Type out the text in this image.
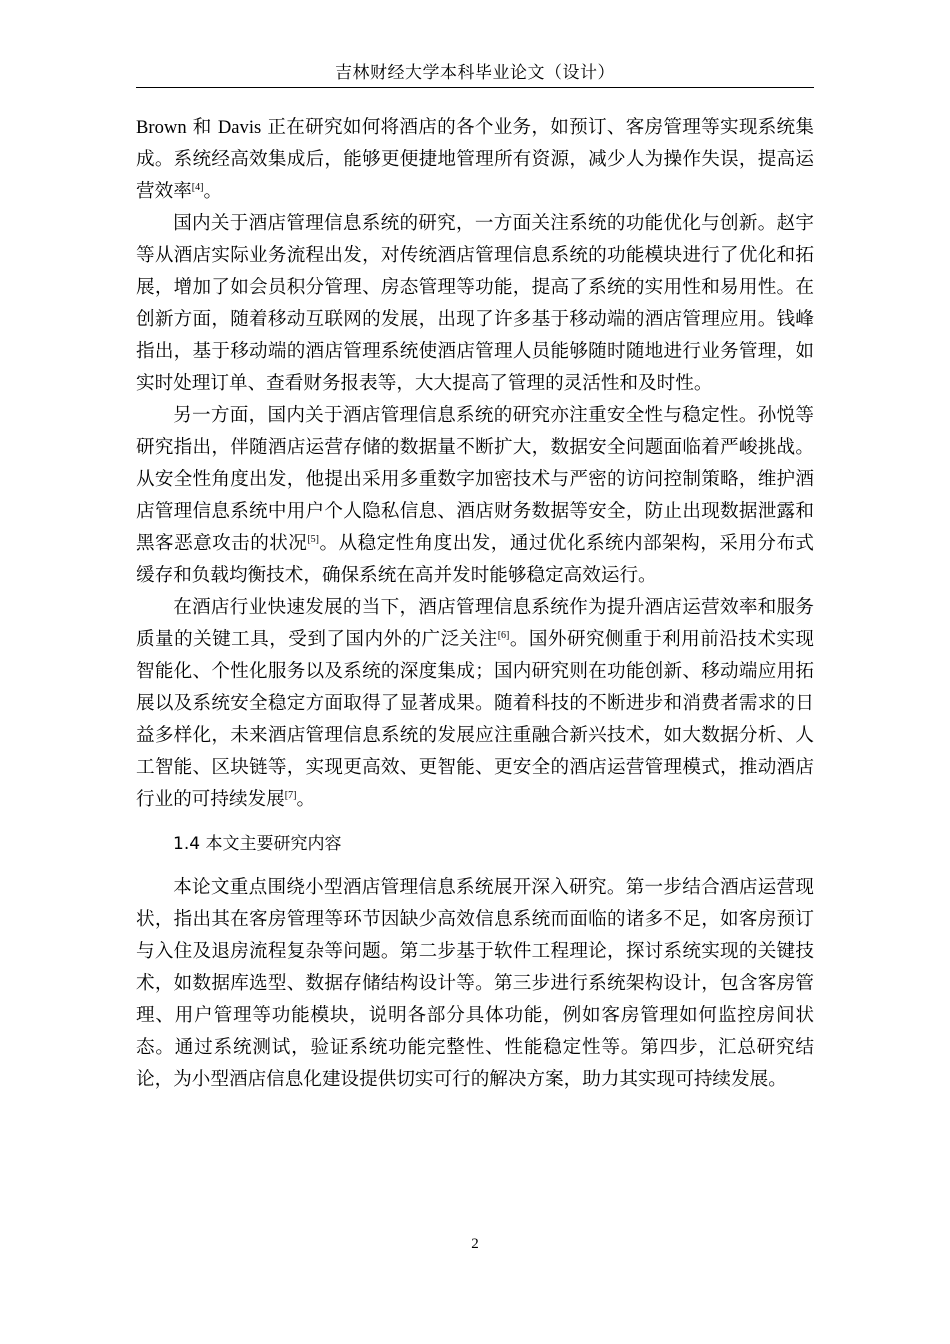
吉林财经大学本科毕业论文（设计）

Brown 和 Davis 正在研究如何将酒店的各个业务，如预订、客房管理等实现系统集成。系统经高效集成后，能够更便捷地管理所有资源，减少人为操作失误，提高运营效率[4]。

国内关于酒店管理信息系统的研究，一方面关注系统的功能优化与创新。赵宇等从酒店实际业务流程出发，对传统酒店管理信息系统的功能模块进行了优化和拓展，增加了如会员积分管理、房态管理等功能，提高了系统的实用性和易用性。在创新方面，随着移动互联网的发展，出现了许多基于移动端的酒店管理应用。钱峰指出，基于移动端的酒店管理系统使酒店管理人员能够随时随地进行业务管理，如实时处理订单、查看财务报表等，大大提高了管理的灵活性和及时性。

另一方面，国内关于酒店管理信息系统的研究亦注重安全性与稳定性。孙悦等研究指出，伴随酒店运营存储的数据量不断扩大，数据安全问题面临着严峻挑战。从安全性角度出发，他提出采用多重数字加密技术与严密的访问控制策略，维护酒店管理信息系统中用户个人隐私信息、酒店财务数据等安全，防止出现数据泄露和黑客恶意攻击的状况[5]。从稳定性角度出发，通过优化系统内部架构，采用分布式缓存和负载均衡技术，确保系统在高并发时能够稳定高效运行。

在酒店行业快速发展的当下，酒店管理信息系统作为提升酒店运营效率和服务质量的关键工具，受到了国内外的广泛关注[6]。国外研究侧重于利用前沿技术实现智能化、个性化服务以及系统的深度集成；国内研究则在功能创新、移动端应用拓展以及系统安全稳定方面取得了显著成果。随着科技的不断进步和消费者需求的日益多样化，未来酒店管理信息系统的发展应注重融合新兴技术，如大数据分析、人工智能、区块链等，实现更高效、更智能、更安全的酒店运营管理模式，推动酒店行业的可持续发展[7]。

1.4 本文主要研究内容

本论文重点围绕小型酒店管理信息系统展开深入研究。第一步结合酒店运营现状，指出其在客房管理等环节因缺少高效信息系统而面临的诸多不足，如客房预订与入住及退房流程复杂等问题。第二步基于软件工程理论，探讨系统实现的关键技术，如数据库选型、数据存储结构设计等。第三步进行系统架构设计，包含客房管理、用户管理等功能模块，说明各部分具体功能，例如客房管理如何监控房间状态。通过系统测试，验证系统功能完整性、性能稳定性等。第四步，汇总研究结论，为小型酒店信息化建设提供切实可行的解决方案，助力其实现可持续发展。

2
